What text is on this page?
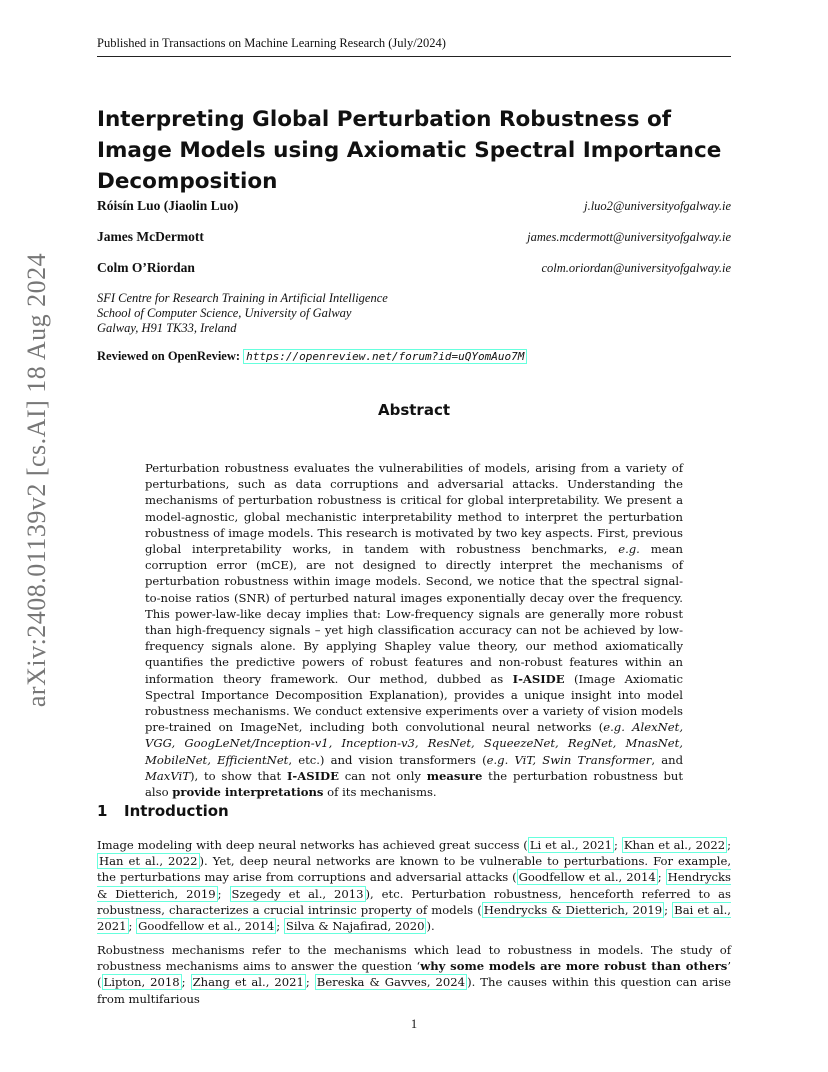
arXiv:2408.01139v2 [cs.AI] 18 Aug 2024
Published in Transactions on Machine Learning Research (July/2024)
Interpreting Global Perturbation Robustness of Image Models using Axiomatic Spectral Importance Decomposition
Róisín Luo (Jiaolin Luo)	j.luo2@universityofgalway.ie
James McDermott	james.mcdermott@universityofgalway.ie
Colm O’Riordan	colm.oriordan@universityofgalway.ie
SFI Centre for Research Training in Artificial Intelligence
School of Computer Science, University of Galway
Galway, H91 TK33, Ireland
Reviewed on OpenReview: https://openreview.net/forum?id=uQYomAuo7M
Abstract
Perturbation robustness evaluates the vulnerabilities of models, arising from a variety of perturbations, such as data corruptions and adversarial attacks. Understanding the mechanisms of perturbation robustness is critical for global interpretability. We present a model-agnostic, global mechanistic interpretability method to interpret the perturbation robustness of image models. This research is motivated by two key aspects. First, previous global interpretability works, in tandem with robustness benchmarks, e.g. mean corruption error (mCE), are not designed to directly interpret the mechanisms of perturbation robustness within image models. Second, we notice that the spectral signal-to-noise ratios (SNR) of perturbed natural images exponentially decay over the frequency. This power-law-like decay implies that: Low-frequency signals are generally more robust than high-frequency signals – yet high classification accuracy can not be achieved by low-frequency signals alone. By applying Shapley value theory, our method axiomatically quantifies the predictive powers of robust features and non-robust features within an information theory framework. Our method, dubbed as I-ASIDE (Image Axiomatic Spectral Importance Decomposition Explanation), provides a unique insight into model robustness mechanisms. We conduct extensive experiments over a variety of vision models pre-trained on ImageNet, including both convolutional neural networks (e.g. AlexNet, VGG, GoogLeNet/Inception-v1, Inception-v3, ResNet, SqueezeNet, RegNet, MnasNet, MobileNet, EfficientNet, etc.) and vision transformers (e.g. ViT, Swin Transformer, and MaxViT), to show that I-ASIDE can not only measure the perturbation robustness but also provide interpretations of its mechanisms.
1 Introduction
Image modeling with deep neural networks has achieved great success ( Li et al., 2021 ; Khan et al., 2022 ; Han et al., 2022 ). Yet, deep neural networks are known to be vulnerable to perturbations. For example, the perturbations may arise from corruptions and adversarial attacks ( Goodfellow et al., 2014 ; Hendrycks & Dietterich, 2019 ; Szegedy et al., 2013 ), etc. Perturbation robustness, henceforth referred to as robustness, characterizes a crucial intrinsic property of models ( Hendrycks & Dietterich, 2019 ; Bai et al., 2021 ; Goodfellow et al., 2014 ; Silva & Najafirad, 2020 ).
Robustness mechanisms refer to the mechanisms which lead to robustness in models. The study of robustness mechanisms aims to answer the question ‘why some models are more robust than others’ ( Lipton, 2018 ; Zhang et al., 2021 ; Bereska & Gavves, 2024 ). The causes within this question can arise from multifarious
1
